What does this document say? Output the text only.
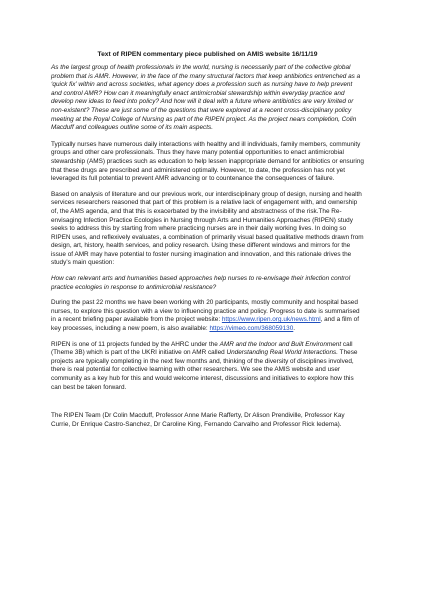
Text of RIPEN commentary piece published on AMIS website 16/11/19

As the largest group of health professionals in the world, nursing is necessarily part of the collective global problem that is AMR. However, in the face of the many structural factors that keep antibiotics entrenched as a ‘quick fix’ within and across societies, what agency does a profession such as nursing have to help prevent and control AMR? How can it meaningfully enact antimicrobial stewardship within everyday practice and develop new ideas to feed into policy? And how will it deal with a future where antibiotics are very limited or non-existent? These are just some of the questions that were explored at a recent cross-disciplinary policy meeting at the Royal College of Nursing as part of the RIPEN project. As the project nears completion, Colin Macduff and colleagues outline some of its main aspects.

Typically nurses have numerous daily interactions with healthy and ill individuals, family members, community groups and other care professionals. Thus they have many potential opportunities to enact antimicrobial stewardship (AMS) practices such as education to help lessen inappropriate demand for antibiotics or ensuring that these drugs are prescribed and administered optimally. However, to date, the profession has not yet leveraged its full potential to prevent AMR advancing or to countenance the consequences of failure.

Based on analysis of literature and our previous work, our interdisciplinary group of design, nursing and health services researchers reasoned that part of this problem is a relative lack of engagement with, and ownership of, the AMS agenda, and that this is exacerbated by the invisibility and abstractness of the risk.The Re-envisaging Infection Practice Ecologies in Nursing through Arts and Humanities Approaches (RIPEN) study seeks to address this by starting from where practicing nurses are in their daily working lives. In doing so RIPEN uses, and reflexively evaluates, a combination of primarily visual based qualitative methods drawn from design, art, history, health services, and policy research. Using these different windows and mirrors for the issue of AMR may have potential to foster nursing imagination and innovation, and this rationale drives the study’s main question:

How can relevant arts and humanities based approaches help nurses to re-envisage their infection control practice ecologies in response to antimicrobial resistance?

During the past 22 months we have been working with 20 participants, mostly community and hospital based nurses, to explore this question with a view to influencing practice and policy. Progress to date is summarised in a recent briefing paper available from the project website: https://www.ripen.org.uk/news.html, and a film of key processes, including a new poem, is also available: https://vimeo.com/368059130.

RIPEN is one of 11 projects funded by the AHRC under the AMR and the Indoor and Built Environment call (Theme 3B) which is part of the UKRI initiative on AMR called Understanding Real World Interactions. These projects are typically completing in the next few months and, thinking of the diversity of disciplines involved, there is real potential for collective learning with other researchers. We see the AMIS website and user community as a key hub for this and would welcome interest, discussions and initiatives to explore how this can best be taken forward.

The RIPEN Team (Dr Colin Macduff, Professor Anne Marie Rafferty, Dr Alison Prendiville, Professor Kay Currie, Dr Enrique Castro-Sanchez, Dr Caroline King, Fernando Carvalho and Professor Rick Iedema).
